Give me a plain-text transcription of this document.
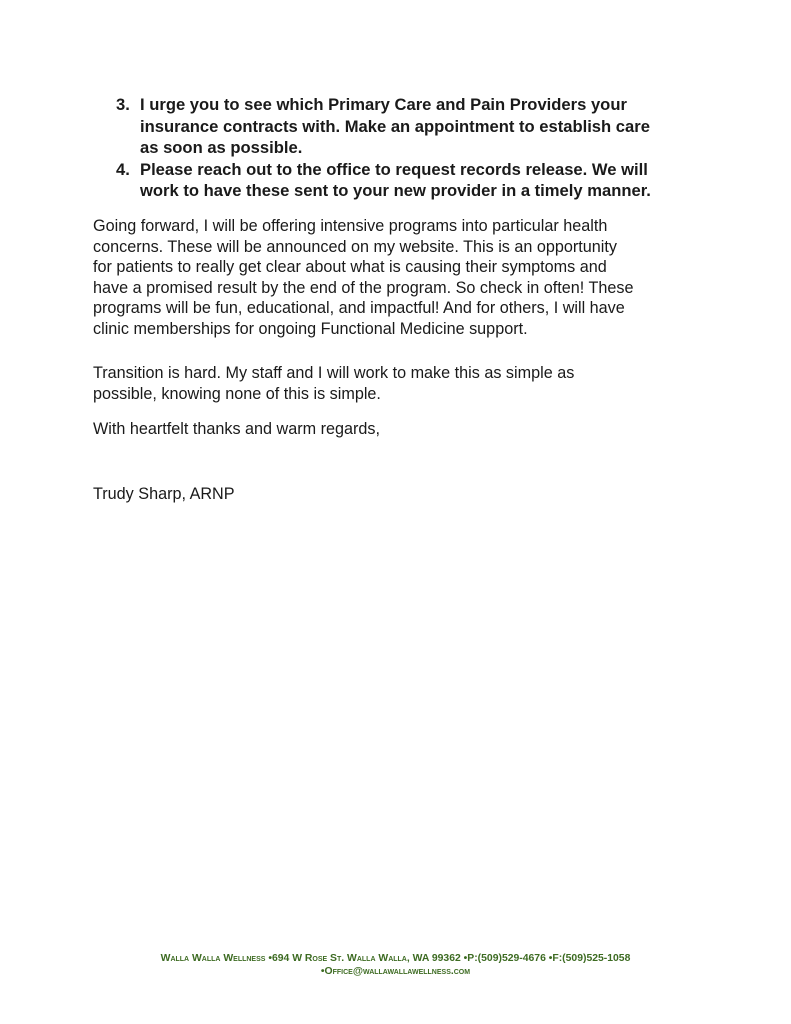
3. I urge you to see which Primary Care and Pain Providers your
insurance contracts with. Make an appointment to establish care
as soon as possible.
4. Please reach out to the office to request records release. We will
work to have these sent to your new provider in a timely manner.

Going forward, I will be offering intensive programs into particular health
concerns. These will be announced on my website. This is an opportunity
for patients to really get clear about what is causing their symptoms and
have a promised result by the end of the program. So check in often! These
programs will be fun, educational, and impactful! And for others, I will have
clinic memberships for ongoing Functional Medicine support.

Transition is hard. My staff and I will work to make this as simple as
possible, knowing none of this is simple.

With heartfelt thanks and warm regards,

Trudy Sharp, ARNP

Walla Walla Wellness •694 W Rose St. Walla Walla, WA 99362 •P:(509)529-4676 •F:(509)525-1058
•Office@wallawallawellness.com
